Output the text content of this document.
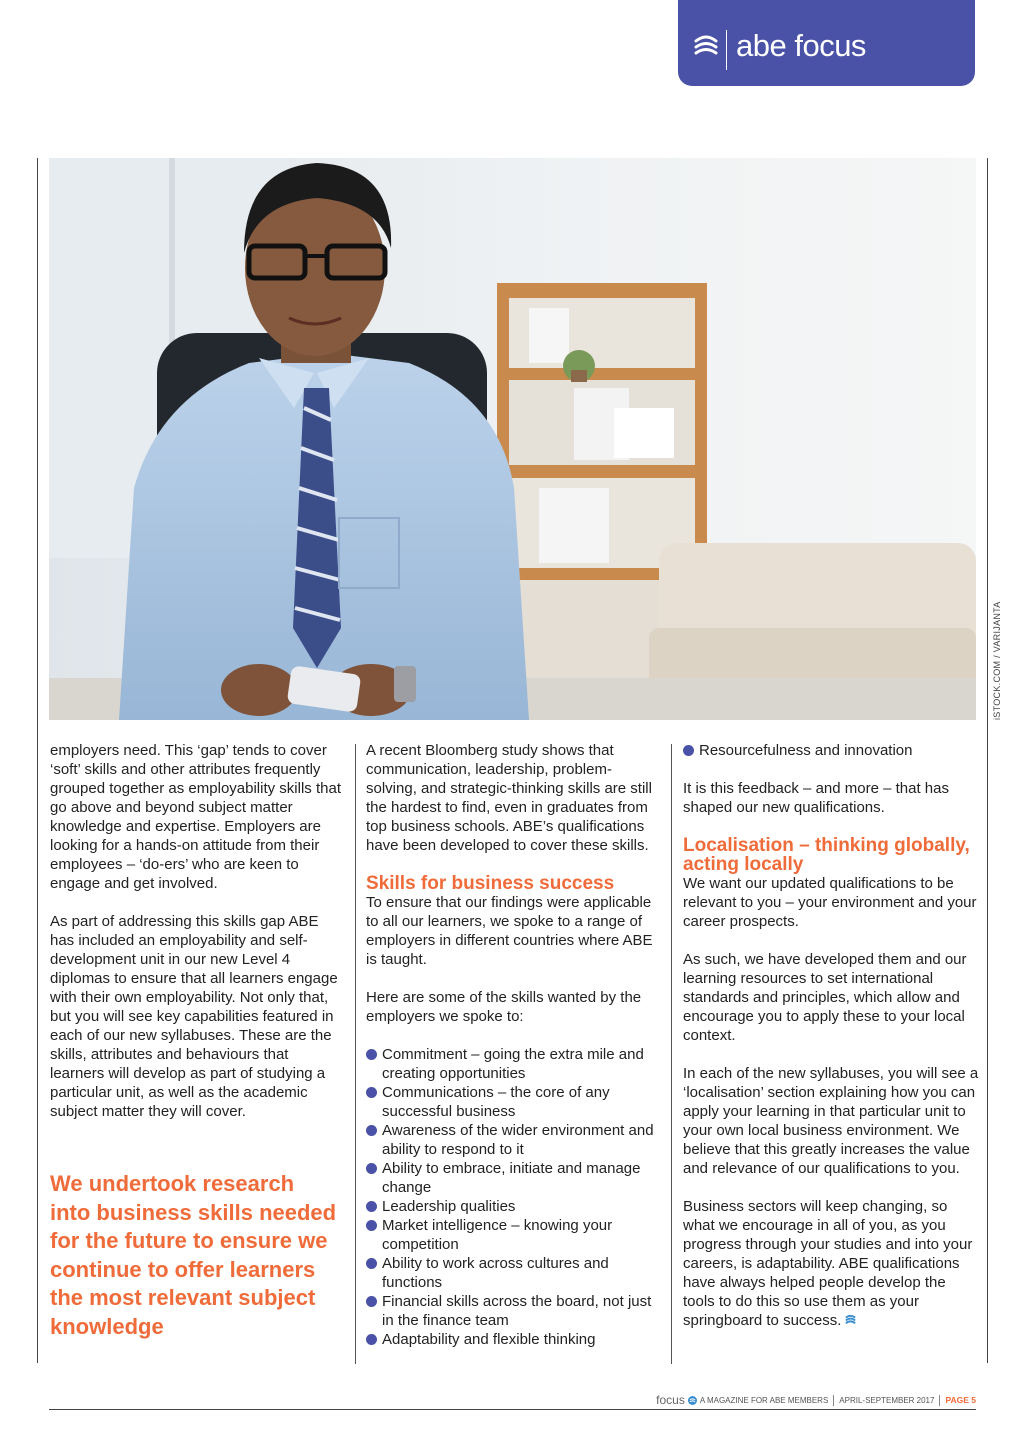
abe focus
iSTOCK.COM / VARIJANTA

employers need. This ‘gap’ tends to cover ‘soft’ skills and other attributes frequently grouped together as employability skills that go above and beyond subject matter knowledge and expertise. Employers are looking for a hands-on attitude from their employees – ‘do-ers’ who are keen to engage and get involved.

As part of addressing this skills gap ABE has included an employability and self-development unit in our new Level 4 diplomas to ensure that all learners engage with their own employability. Not only that, but you will see key capabilities featured in each of our new syllabuses. These are the skills, attributes and behaviours that learners will develop as part of studying a particular unit, as well as the academic subject matter they will cover.

We undertook research into business skills needed for the future to ensure we continue to offer learners the most relevant subject knowledge

A recent Bloomberg study shows that communication, leadership, problem-solving, and strategic-thinking skills are still the hardest to find, even in graduates from top business schools. ABE’s qualifications have been developed to cover these skills.

Skills for business success

To ensure that our findings were applicable to all our learners, we spoke to a range of employers in different countries where ABE is taught.

Here are some of the skills wanted by the employers we spoke to:

Commitment – going the extra mile and creating opportunities
Communications – the core of any successful business
Awareness of the wider environment and ability to respond to it
Ability to embrace, initiate and manage change
Leadership qualities
Market intelligence – knowing your competition
Ability to work across cultures and functions
Financial skills across the board, not just in the finance team
Adaptability and flexible thinking
Resourcefulness and innovation

It is this feedback – and more – that has shaped our new qualifications.

Localisation – thinking globally, acting locally

We want our updated qualifications to be relevant to you – your environment and your career prospects.

As such, we have developed them and our learning resources to set international standards and principles, which allow and encourage you to apply these to your local context.

In each of the new syllabuses, you will see a ‘localisation’ section explaining how you can apply your learning in that particular unit to your own local business environment. We believe that this greatly increases the value and relevance of our qualifications to you.

Business sectors will keep changing, so what we encourage in all of you, as you progress through your studies and into your careers, is adaptability. ABE qualifications have always helped people develop the tools to do this so use them as your springboard to success.

focus A MAGAZINE FOR ABE MEMBERS APRIL-SEPTEMBER 2017 PAGE 5
